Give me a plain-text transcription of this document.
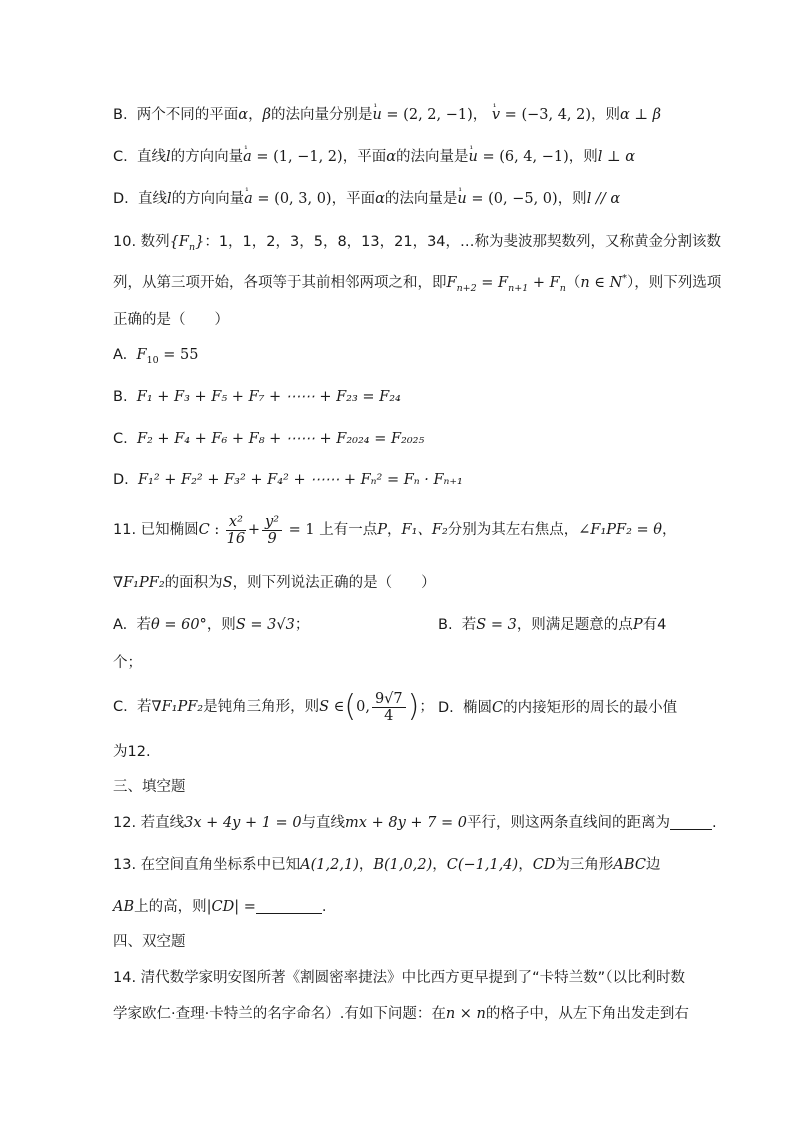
B. 两个不同的平面α，β的法向量分别是¹ u = (2, 2, −1)， ¹ v = (−3, 4, 2)，则α ⊥ β
C. 直线l的方向向量¹ a = (1, −1, 2)，平面α的法向量是¹ u = (6, 4, −1)，则l ⊥ α
D. 直线l的方向向量¹ a = (0, 3, 0)，平面α的法向量是¹ u = (0, −5, 0)，则l // α
10. 数列$\{F_n\}$：1，1，2，3，5，8，13，21，34，…称为斐波那契数列，又称黄金分割该数
列，从第三项开始，各项等于其前相邻两项之和，即$F_{n+2} = F_{n+1} + F_n(n$ ∈ N*），则下列选项
正确的是（　　）
A. $F_{10} = 55$
B. F₁ + F₃ + F₅ + F₇ + ⋯⋯ + F₂₃ = F₂₄
C. F₂ + F₄ + F₆ + F₈ + ⋯⋯ + F₂₀₂₄ = F₂₀₂₅
D. F₁² + F₂² + F₃² + F₄² + ⋯⋯ + Fₙ² = Fₙ · Fₙ₊₁
11. 已知椭圆C : $\frac{\text{x²}}{16} + \frac{\text{y²}}{9} = 1$ 上有一点P，F₁、F₂分别为其左右焦点，∠F₁PF₂ = θ，
∇F₁PF₂的面积为S，则下列说法正确的是（　　）
A. 若θ = 60°，则S = 3√3；	B. 若S = 3，则满足题意的点P有4
个；
C. 若∇F₁PF₂是钝角三角形，则S ∈(0, $\frac{9√7}{4}$ )； D. 椭圆C的内接矩形的周长的最小值
为12.
三、填空题
12. 若直线3x + 4y + 1 = 0与直线mx + 8y + 7 = 0平行，则这两条直线间的距离为	.
13. 在空间直角坐标系中已知A(1,2,1)，B(1,0,2)，C(−1,1,4)，CD为三角形ABC边
AB上的高，则|CD| =	.
四、双空题
14. 清代数学家明安图所著《割圆密率捷法》中比西方更早提到了“卡特兰数”（以比利时数
学家欧仁·查理·卡特兰的名字命名）.有如下问题：在n × n的格子中，从左下角出发走到右
